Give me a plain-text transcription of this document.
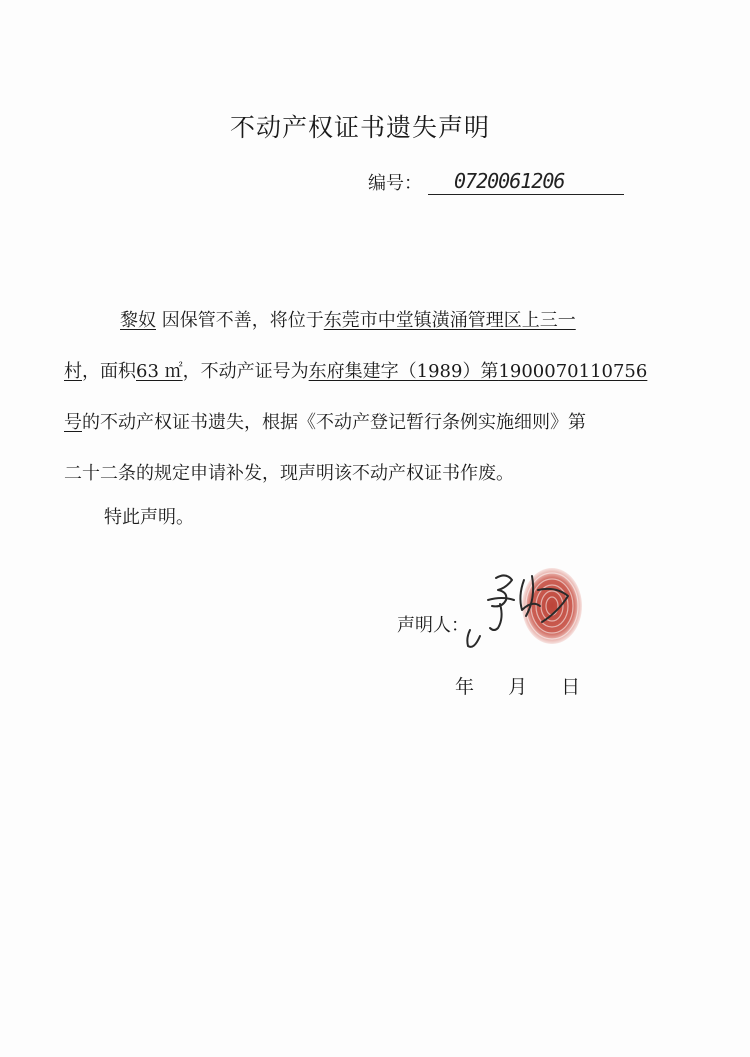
不动产权证书遗失声明
编号：	0720061206
黎奴 因保管不善，将位于东莞市中堂镇潢涌管理区上三一
村，面积63 ㎡，不动产证号为东府集建字（1989）第1900070110756
号的不动产权证书遗失，根据《不动产登记暂行条例实施细则》第
二十二条的规定申请补发，现声明该不动产权证书作废。
特此声明。
声明人：
年 月 日
